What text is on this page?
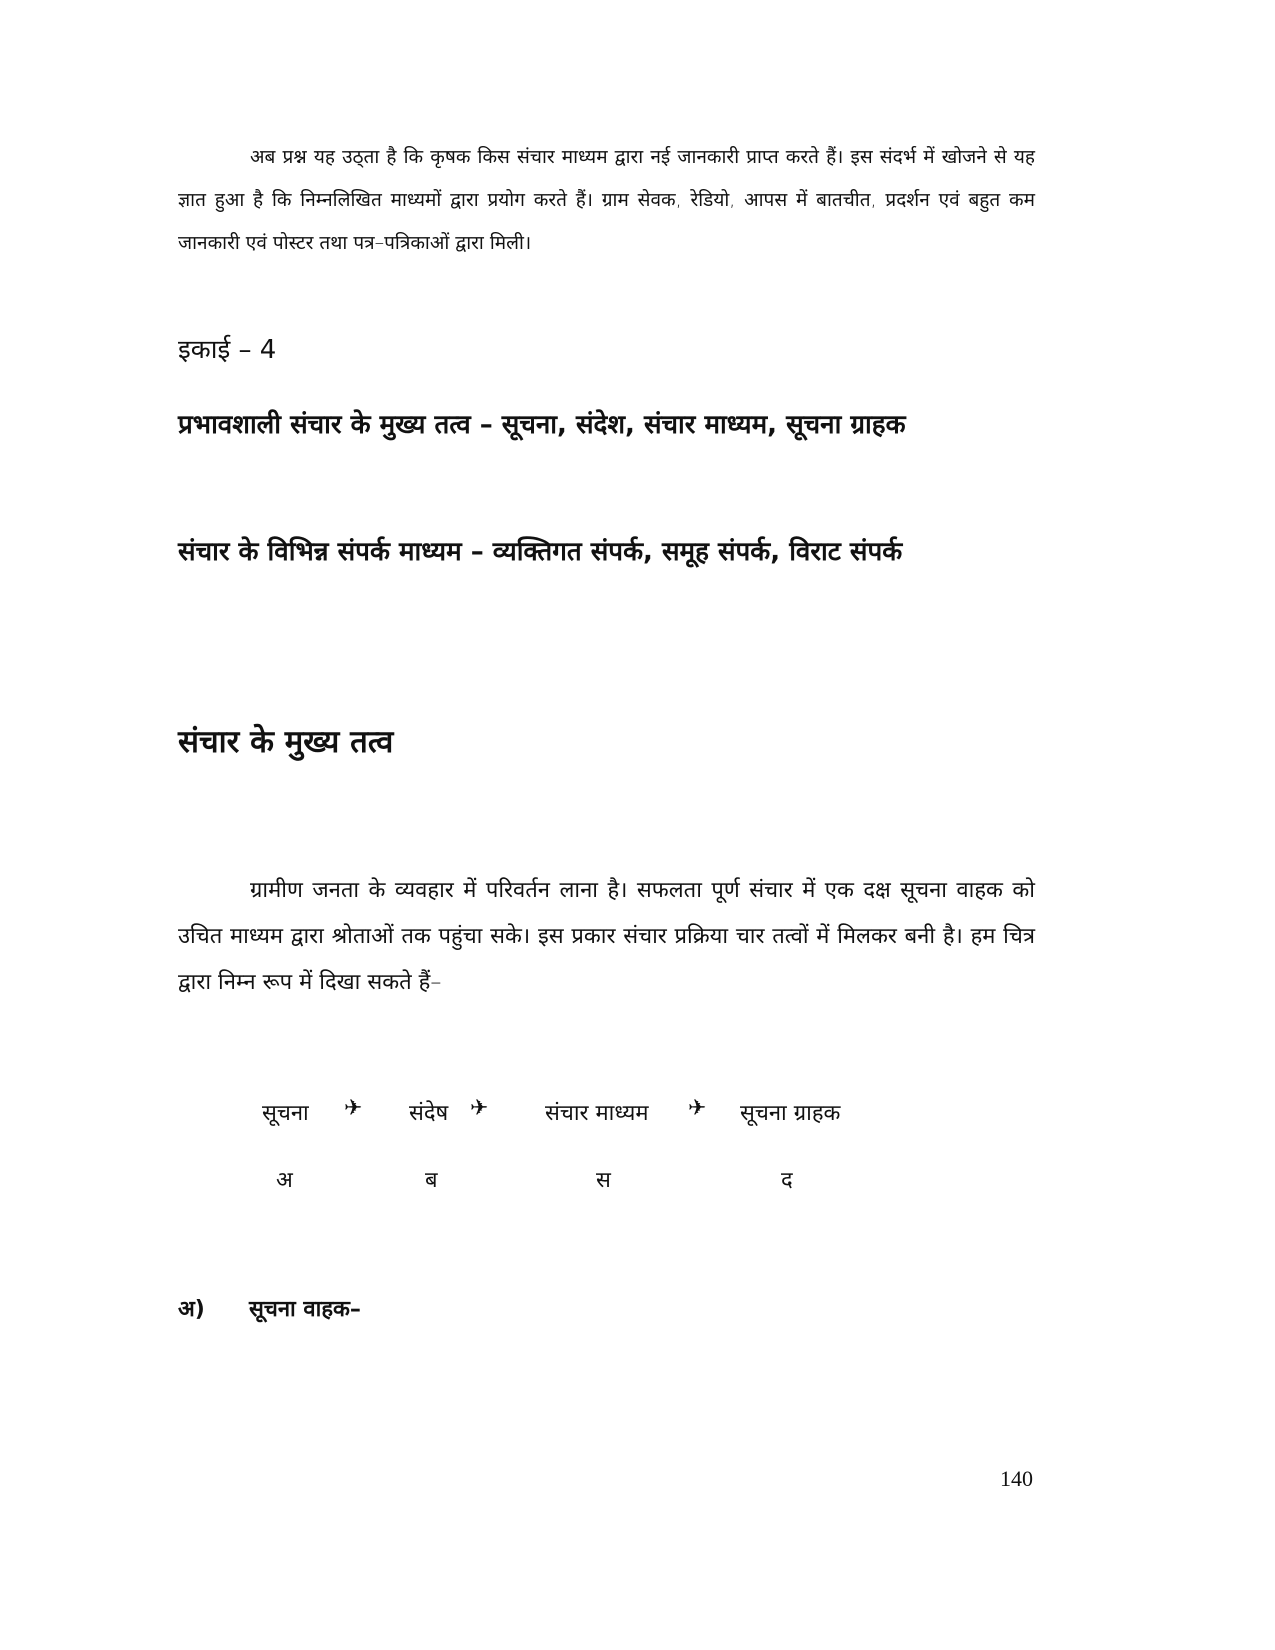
अब प्रश्न यह उठ्ता है कि कृषक किस संचार माध्यम द्वारा नई जानकारी प्राप्त करते हैं। इस संदर्भ में खोजने से यह ज्ञात हुआ है कि निम्नलिखित माध्यमों द्वारा प्रयोग करते हैं। ग्राम सेवक, रेडियो, आपस में बातचीत, प्रदर्शन एवं बहुत कम जानकारी एवं पोस्टर तथा पत्र–पत्रिकाओं द्वारा मिली।
इकाई – 4
प्रभावशाली संचार के मुख्य तत्व – सूचना, संदेश, संचार माध्यम, सूचना ग्राहक
संचार के विभिन्न संपर्क माध्यम – व्यक्तिगत संपर्क, समूह संपर्क, विराट संपर्क
संचार के मुख्य तत्व
ग्रामीण जनता के व्यवहार में परिवर्तन लाना है। सफलता पूर्ण संचार में एक दक्ष सूचना वाहक को उचित माध्यम द्वारा श्रोताओं तक पहुंचा सके। इस प्रकार संचार प्रक्रिया चार तत्वों में मिलकर बनी है। हम चित्र द्वारा निम्न रूप में दिखा सकते हैं–
सूचना ✈ संदेष ✈	संचार माध्यम ✈ सूचना ग्राहक
अ	ब	स	द
अ) सूचना वाहक–
140
